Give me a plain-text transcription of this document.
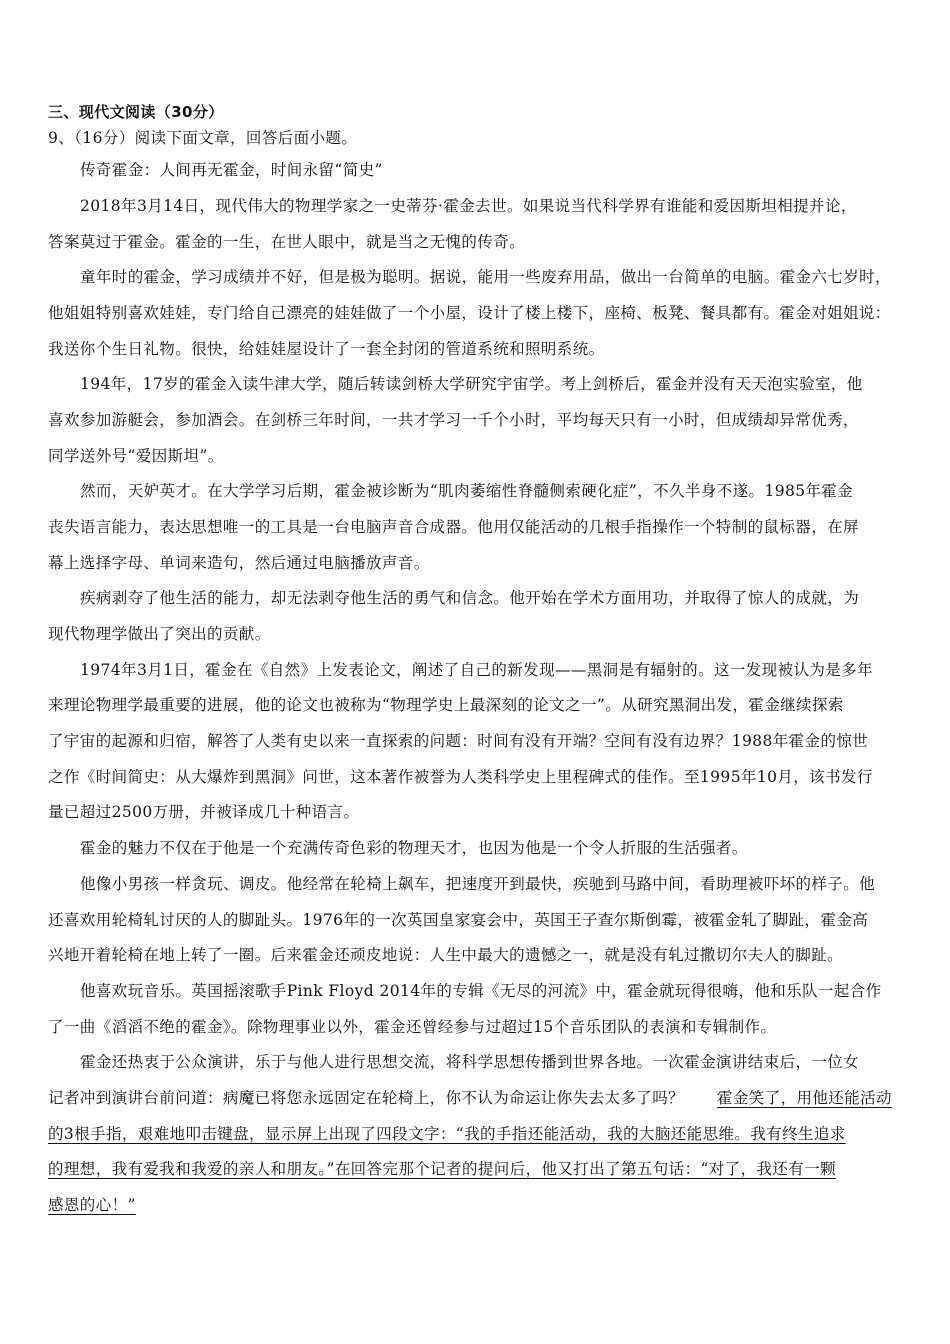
三、现代文阅读（30分）
9、（16分）阅读下面文章，回答后面小题。
传奇霍金：人间再无霍金，时间永留“简史”
2018年3月14日，现代伟大的物理学家之一史蒂芬·霍金去世。如果说当代科学界有谁能和爱因斯坦相提并论，
答案莫过于霍金。霍金的一生，在世人眼中，就是当之无愧的传奇。
童年时的霍金，学习成绩并不好，但是极为聪明。据说，能用一些废弃用品，做出一台简单的电脑。霍金六七岁时，
他姐姐特别喜欢娃娃，专门给自己漂亮的娃娃做了一个小屋，设计了楼上楼下，座椅、板凳、餐具都有。霍金对姐姐说：
我送你个生日礼物。很快，给娃娃屋设计了一套全封闭的管道系统和照明系统。
194年，17岁的霍金入读牛津大学，随后转读剑桥大学研究宇宙学。考上剑桥后，霍金并没有天天泡实验室，他
喜欢参加游艇会，参加酒会。在剑桥三年时间，一共才学习一千个小时，平均每天只有一小时，但成绩却异常优秀，
同学送外号“爱因斯坦”。
然而，天妒英才。在大学学习后期，霍金被诊断为“肌肉萎缩性脊髓侧索硬化症”，不久半身不遂。1985年霍金
丧失语言能力，表达思想唯一的工具是一台电脑声音合成器。他用仅能活动的几根手指操作一个特制的鼠标器，在屏
幕上选择字母、单词来造句，然后通过电脑播放声音。
疾病剥夺了他生活的能力，却无法剥夺他生活的勇气和信念。他开始在学术方面用功，并取得了惊人的成就，为
现代物理学做出了突出的贡献。
1974年3月1日，霍金在《自然》上发表论文，阐述了自己的新发现——黑洞是有辐射的。这一发现被认为是多年
来理论物理学最重要的进展，他的论文也被称为“物理学史上最深刻的论文之一”。从研究黑洞出发，霍金继续探索
了宇宙的起源和归宿，解答了人类有史以来一直探索的问题：时间有没有开端？空间有没有边界？1988年霍金的惊世
之作《时间简史：从大爆炸到黑洞》问世，这本著作被誉为人类科学史上里程碑式的佳作。至1995年10月，该书发行
量已超过2500万册，并被译成几十种语言。
霍金的魅力不仅在于他是一个充满传奇色彩的物理天才，也因为他是一个令人折服的生活强者。
他像小男孩一样贪玩、调皮。他经常在轮椅上飙车，把速度开到最快，疾驰到马路中间，看助理被吓坏的样子。他
还喜欢用轮椅轧讨厌的人的脚趾头。1976年的一次英国皇家宴会中，英国王子查尔斯倒霉，被霍金轧了脚趾，霍金高
兴地开着轮椅在地上转了一圈。后来霍金还顽皮地说：人生中最大的遗憾之一，就是没有轧过撒切尔夫人的脚趾。
他喜欢玩音乐。英国摇滚歌手Pink Floyd 2014年的专辑《无尽的河流》中，霍金就玩得很嗨，他和乐队一起合作
了一曲《滔滔不绝的霍金》。除物理事业以外，霍金还曾经参与过超过15个音乐团队的表演和专辑制作。
霍金还热衷于公众演讲，乐于与他人进行思想交流，将科学思想传播到世界各地。一次霍金演讲结束后，一位女
记者冲到演讲台前问道：病魔已将您永远固定在轮椅上，你不认为命运让你失去太多了吗？ 霍金笑了，用他还能活动
的3根手指，艰难地叩击键盘，显示屏上出现了四段文字：“我的手指还能活动，我的大脑还能思维。我有终生追求
的理想，我有爱我和我爱的亲人和朋友。”在回答完那个记者的提问后，他又打出了第五句话：“对了，我还有一颗
感恩的心！”
